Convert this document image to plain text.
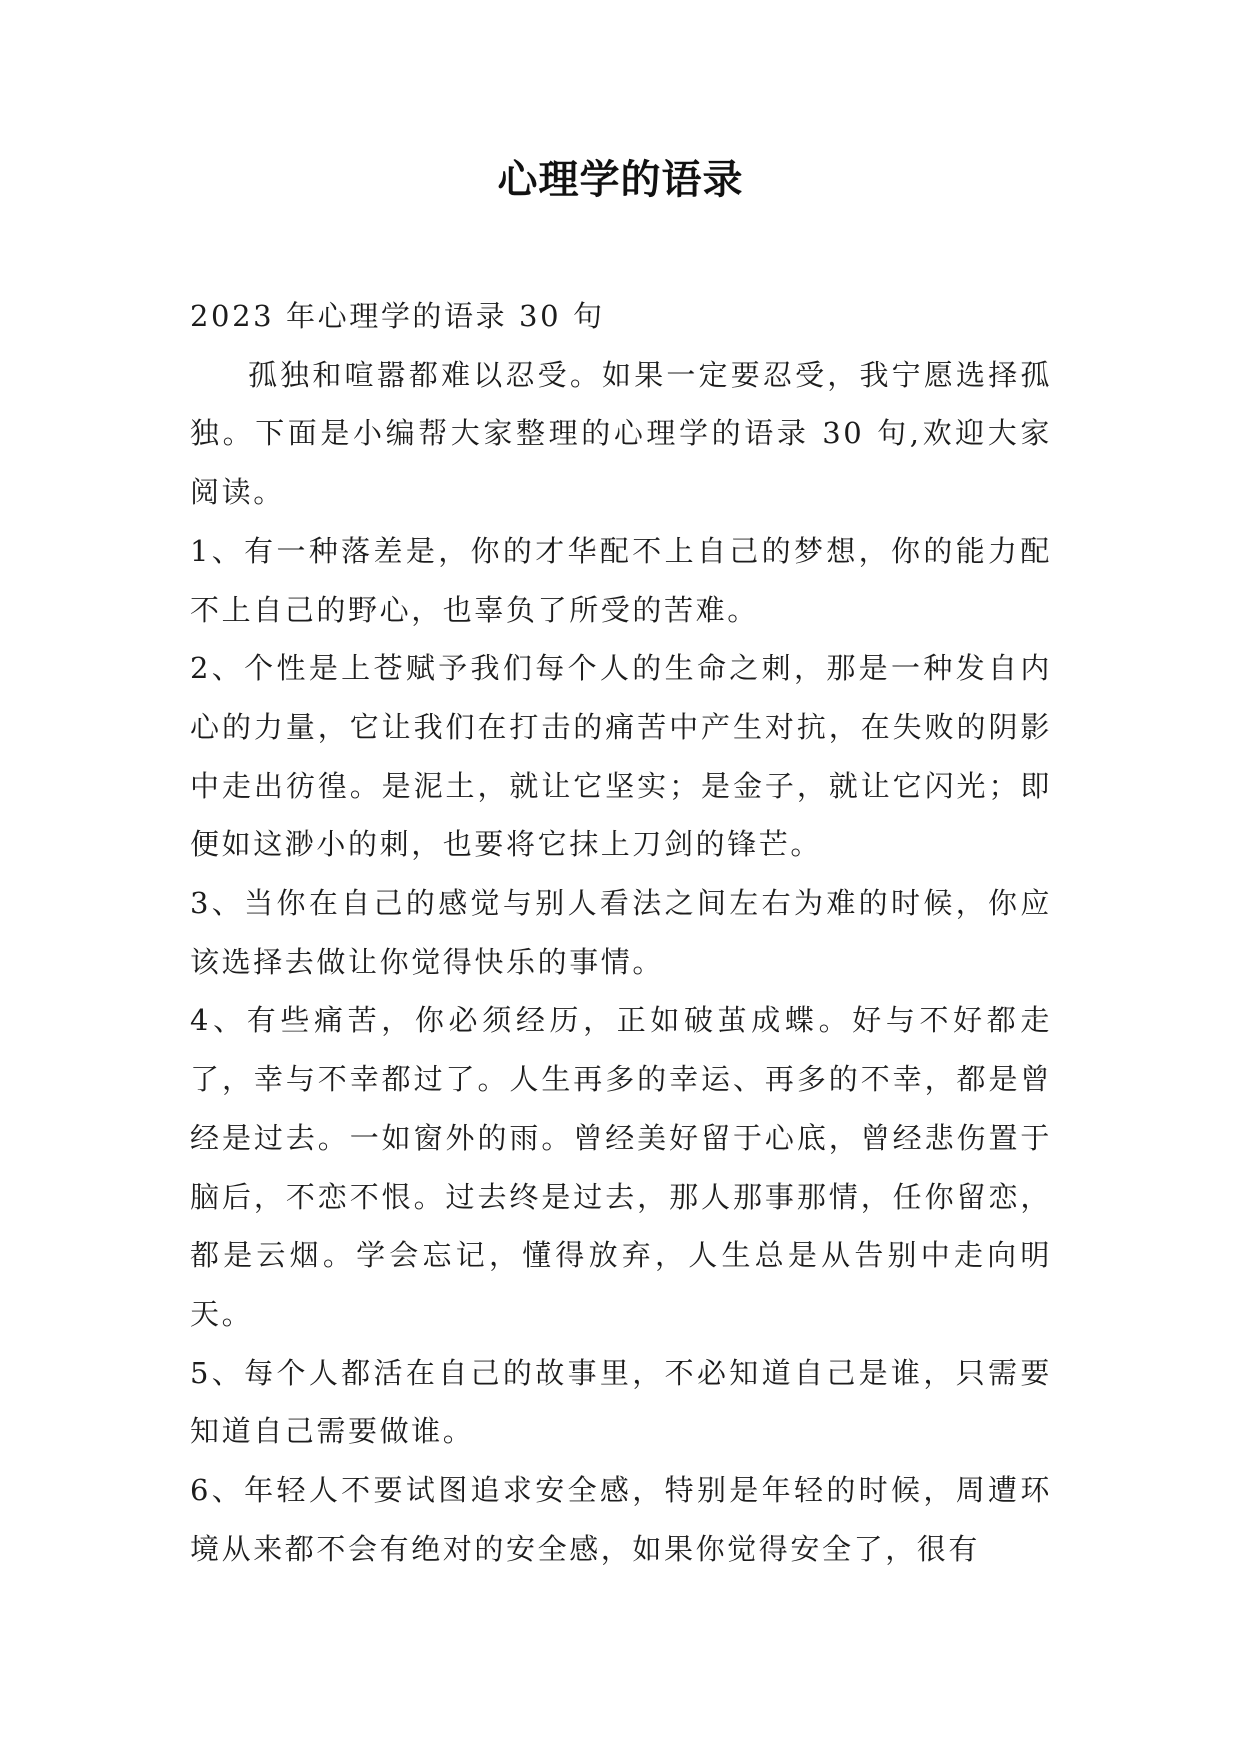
心理学的语录

2023 年心理学的语录 30 句

孤独和喧嚣都难以忍受。如果一定要忍受，我宁愿选择孤独。下面是小编帮大家整理的心理学的语录 30 句,欢迎大家阅读。

1、有一种落差是，你的才华配不上自己的梦想，你的能力配不上自己的野心，也辜负了所受的苦难。

2、个性是上苍赋予我们每个人的生命之刺，那是一种发自内心的力量，它让我们在打击的痛苦中产生对抗，在失败的阴影中走出彷徨。是泥土，就让它坚实；是金子，就让它闪光；即便如这渺小的刺，也要将它抹上刀剑的锋芒。

3、当你在自己的感觉与别人看法之间左右为难的时候，你应该选择去做让你觉得快乐的事情。

4、有些痛苦，你必须经历，正如破茧成蝶。好与不好都走了，幸与不幸都过了。人生再多的幸运、再多的不幸，都是曾经是过去。一如窗外的雨。曾经美好留于心底，曾经悲伤置于脑后，不恋不恨。过去终是过去，那人那事那情，任你留恋，都是云烟。学会忘记，懂得放弃，人生总是从告别中走向明天。

5、每个人都活在自己的故事里，不必知道自己是谁，只需要知道自己需要做谁。

6、年轻人不要试图追求安全感，特别是年轻的时候，周遭环境从来都不会有绝对的安全感，如果你觉得安全了，很有
